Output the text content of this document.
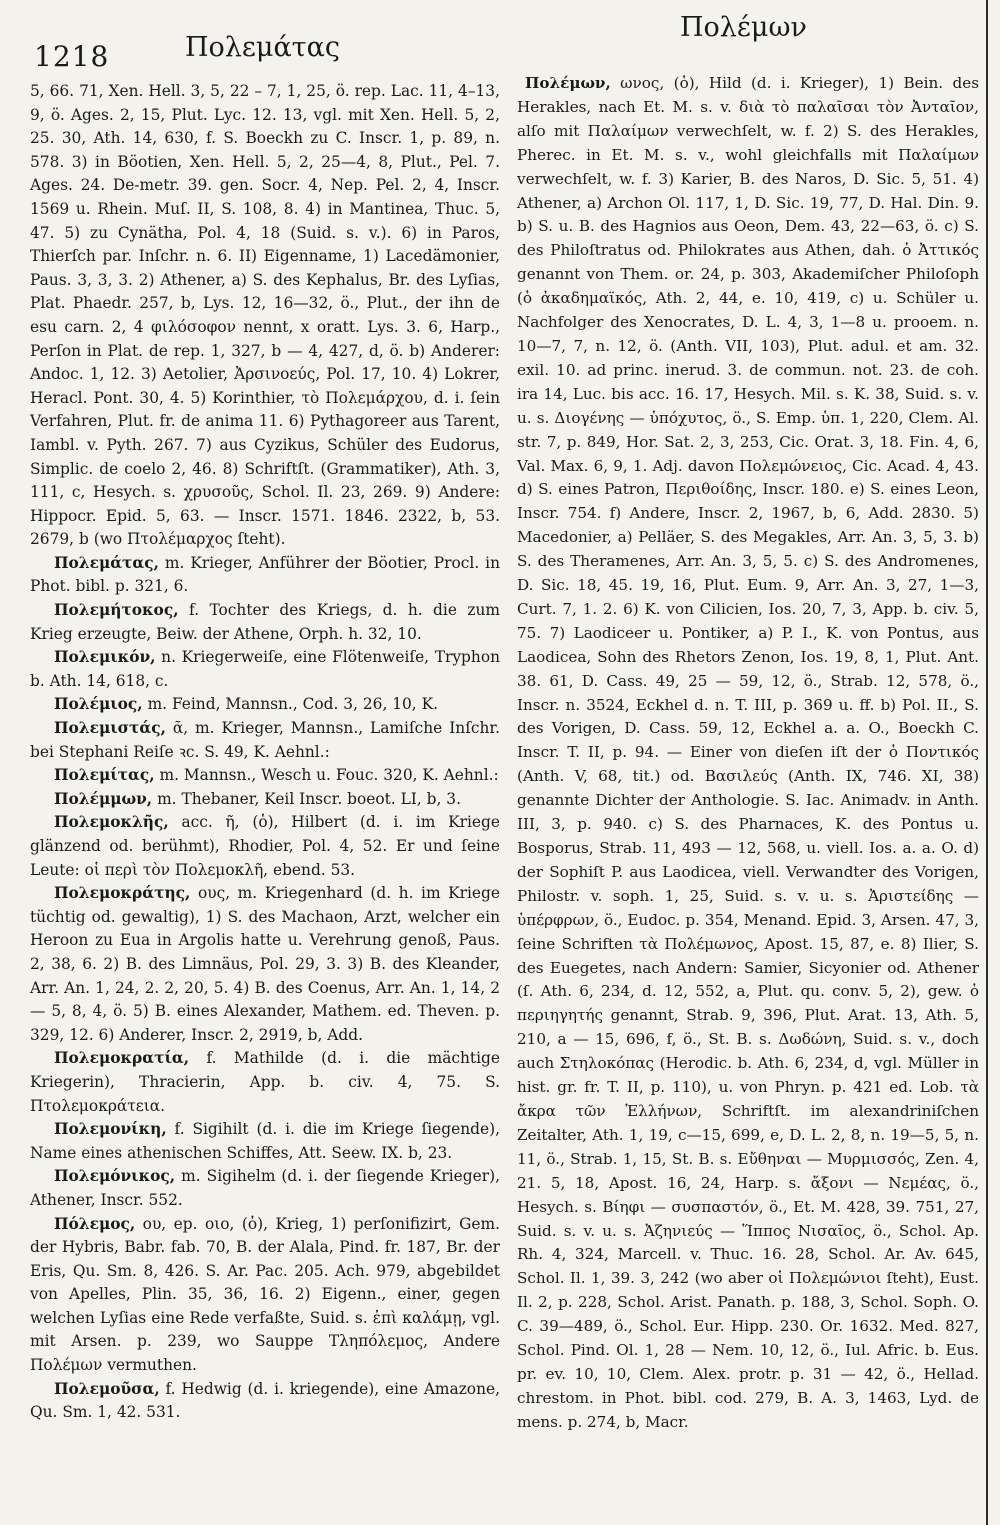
1218	Πολεμάτας
Πολέμων

5, 66. 71, Xen. Hell. 3, 5, 22 – 7, 1, 25, ö. rep. Lac. 11, 4–13, 9, ö. Ages. 2, 15, Plut. Lyc. 12. 13, vgl. mit Xen. Hell. 5, 2, 25. 30, Ath. 14, 630, f. S. Boeckh zu C. Inscr. 1, p. 89, n. 578. 3) in Böotien, Xen. Hell. 5, 2, 25—4, 8, Plut., Pel. 7. Ages. 24. De-metr. 39. gen. Socr. 4, Nep. Pel. 2, 4, Inscr. 1569 u. Rhein. Muſ. II, S. 108, 8. 4) in Mantinea, Thuc. 5, 47. 5) zu Cynätha, Pol. 4, 18 (Suid. s. v.). 6) in Paros, Thierſch par. Inſchr. n. 6. II) Eigenname, 1) Lacedämonier, Paus. 3, 3, 3. 2) Athener, a) S. des Kephalus, Br. des Lyſias, Plat. Phaedr. 257, b, Lys. 12, 16—32, ö., Plut., der ihn de esu carn. 2, 4 φιλόσοφον nennt, x oratt. Lys. 3. 6, Harp., Perſon in Plat. de rep. 1, 327, b — 4, 427, d, ö. b) Anderer: Andoc. 1, 12. 3) Aetolier, Ἀρσινοεύς, Pol. 17, 10. 4) Lokrer, Heracl. Pont. 30, 4. 5) Korinthier, τὸ Πολεμάρχου, d. i. ſein Verfahren, Plut. fr. de anima 11. 6) Pythagoreer aus Tarent, Iambl. v. Pyth. 267. 7) aus Cyzikus, Schüler des Eudorus, Simplic. de coelo 2, 46. 8) Schriftſt. (Grammatiker), Ath. 3, 111, c, Hesych. s. χρυσοῦς, Schol. Il. 23, 269. 9) Andere: Hippocr. Epid. 5, 63. — Inscr. 1571. 1846. 2322, b, 53. 2679, b (wo Πτολέμαρχος ſteht).

Πολεμάτας, m. Krieger, Anführer der Böotier, Procl. in Phot. bibl. p. 321, 6.

Πολεμήτοκος, f. Tochter des Kriegs, d. h. die zum Krieg erzeugte, Beiw. der Athene, Orph. h. 32, 10.

Πολεμικόν, n. Kriegerweiſe, eine Flötenweiſe, Tryphon b. Ath. 14, 618, c.

Πολέμιος, m. Feind, Mannsn., Cod. 3, 26, 10, K.

Πολεμιστάς, ᾶ, m. Krieger, Mannsn., Lamiſche Inſchr. bei Stephani Reiſe ꝛc. S. 49, K. Aehnl.:

Πολεμίτας, m. Mannsn., Wesch u. Fouc. 320, K. Aehnl.:

Πολέμμων, m. Thebaner, Keil Inscr. boeot. LI, b, 3.

Πολεμοκλῆς, acc. ῆ, (ὁ), Hilbert (d. i. im Kriege glänzend od. berühmt), Rhodier, Pol. 4, 52. Er und ſeine Leute: οἱ περὶ τὸν Πολεμοκλῆ, ebend. 53.

Πολεμοκράτης, ους, m. Kriegenhard (d. h. im Kriege tüchtig od. gewaltig), 1) S. des Machaon, Arzt, welcher ein Heroon zu Eua in Argolis hatte u. Verehrung genoß, Paus. 2, 38, 6. 2) B. des Limnäus, Pol. 29, 3. 3) B. des Kleander, Arr. An. 1, 24, 2. 2, 20, 5. 4) B. des Coenus, Arr. An. 1, 14, 2 — 5, 8, 4, ö. 5) B. eines Alexander, Mathem. ed. Theven. p. 329, 12. 6) Anderer, Inscr. 2, 2919, b, Add.

Πολεμοκρατία, f. Mathilde (d. i. die mächtige Kriegerin), Thracierin, App. b. civ. 4, 75. S. Πτολεμοκράτεια.

Πολεμονίκη, f. Sigihilt (d. i. die im Kriege ſiegende), Name eines athenischen Schiffes, Att. Seew. IX. b, 23.

Πολεμόνικος, m. Sigihelm (d. i. der ſiegende Krieger), Athener, Inscr. 552.

Πόλεμος, ου, ep. οιο, (ὁ), Krieg, 1) perſonifizirt, Gem. der Hybris, Babr. fab. 70, B. der Alala, Pind. fr. 187, Br. der Eris, Qu. Sm. 8, 426. S. Ar. Pac. 205. Ach. 979, abgebildet von Apelles, Plin. 35, 36, 16. 2) Eigenn., einer, gegen welchen Lyſias eine Rede verfaßte, Suid. s. ἐπὶ καλάμῃ, vgl. mit Arsen. p. 239, wo Sauppe Τληπόλεμος, Andere Πολέμων vermuthen.

Πολεμοῦσα, f. Hedwig (d. i. kriegende), eine Amazone, Qu. Sm. 1, 42. 531.

Πολέμων, ωνος, (ὁ), Hild (d. i. Krieger), 1) Bein. des Herakles, nach Et. M. s. v. διὰ τὸ παλαῖσαι τὸν Ἀνταῖον, alſo mit Παλαίμων verwechſelt, w. f. 2) S. des Herakles, Pherec. in Et. M. s. v., wohl gleichfalls mit Παλαίμων verwechſelt, w. f. 3) Karier, B. des Naros, D. Sic. 5, 51. 4) Athener, a) Archon Ol. 117, 1, D. Sic. 19, 77, D. Hal. Din. 9. b) S. u. B. des Hagnios aus Oeon, Dem. 43, 22—63, ö. c) S. des Philoſtratus od. Philokrates aus Athen, dah. ὁ Ἀττικός genannt von Them. or. 24, p. 303, Akademiſcher Philoſoph (ὁ ἀκαδημαϊκός, Ath. 2, 44, e. 10, 419, c) u. Schüler u. Nachfolger des Xenocrates, D. L. 4, 3, 1—8 u. prooem. n. 10—7, 7, n. 12, ö. (Anth. VII, 103), Plut. adul. et am. 32. exil. 10. ad princ. inerud. 3. de commun. not. 23. de coh. ira 14, Luc. bis acc. 16. 17, Hesych. Mil. s. K. 38, Suid. s. v. u. s. Διογένης — ὑπόχυτος, ö., S. Emp. ὑπ. 1, 220, Clem. Al. str. 7, p. 849, Hor. Sat. 2, 3, 253, Cic. Orat. 3, 18. Fin. 4, 6, Val. Max. 6, 9, 1. Adj. davon Πολεμώνειος, Cic. Acad. 4, 43. d) S. eines Patron, Περιθοίδης, Inscr. 180. e) S. eines Leon, Inscr. 754. f) Andere, Inscr. 2, 1967, b, 6, Add. 2830. 5) Macedonier, a) Pelläer, S. des Megakles, Arr. An. 3, 5, 3. b) S. des Theramenes, Arr. An. 3, 5, 5. c) S. des Andromenes, D. Sic. 18, 45. 19, 16, Plut. Eum. 9, Arr. An. 3, 27, 1—3, Curt. 7, 1. 2. 6) K. von Cilicien, Ios. 20, 7, 3, App. b. civ. 5, 75. 7) Laodiceer u. Pontiker, a) P. I., K. von Pontus, aus Laodicea, Sohn des Rhetors Zenon, Ios. 19, 8, 1, Plut. Ant. 38. 61, D. Cass. 49, 25 — 59, 12, ö., Strab. 12, 578, ö., Inscr. n. 3524, Eckhel d. n. T. III, p. 369 u. ff. b) Pol. II., S. des Vorigen, D. Cass. 59, 12, Eckhel a. a. O., Boeckh C. Inscr. T. II, p. 94. — Einer von dieſen iſt der ὁ Ποντικός (Anth. V, 68, tit.) od. Βασιλεύς (Anth. IX, 746. XI, 38) genannte Dichter der Anthologie. S. Iac. Animadv. in Anth. III, 3, p. 940. c) S. des Pharnaces, K. des Pontus u. Bosporus, Strab. 11, 493 — 12, 568, u. viell. Ios. a. a. O. d) der Sophiſt P. aus Laodicea, viell. Verwandter des Vorigen, Philostr. v. soph. 1, 25, Suid. s. v. u. s. Ἀριστείδης — ὑπέρφρων, ö., Eudoc. p. 354, Menand. Epid. 3, Arsen. 47, 3, ſeine Schriften τὰ Πολέμωνος, Apost. 15, 87, e. 8) Ilier, S. des Euegetes, nach Andern: Samier, Sicyonier od. Athener (ſ. Ath. 6, 234, d. 12, 552, a, Plut. qu. conv. 5, 2), gew. ὁ περιηγητής genannt, Strab. 9, 396, Plut. Arat. 13, Ath. 5, 210, a — 15, 696, f, ö., St. B. s. Δωδώνη, Suid. s. v., doch auch Στηλοκόπας (Herodic. b. Ath. 6, 234, d, vgl. Müller in hist. gr. fr. T. II, p. 110), u. von Phryn. p. 421 ed. Lob. τὰ ἄκρα τῶν Ἑλλήνων, Schriftſt. im alexandriniſchen Zeitalter, Ath. 1, 19, c—15, 699, e, D. L. 2, 8, n. 19—5, 5, n. 11, ö., Strab. 1, 15, St. B. s. Εὔθηναι — Μυρμισσός, Zen. 4, 21. 5, 18, Apost. 16, 24, Harp. s. ἄξονι — Νεμέας, ö., Hesych. s. Βίηφι — συσπαστόν, ö., Et. M. 428, 39. 751, 27, Suid. s. v. u. s. Ἀζηνιεύς — Ἵππος Νισαῖος, ö., Schol. Ap. Rh. 4, 324, Marcell. v. Thuc. 16. 28, Schol. Ar. Av. 645, Schol. Il. 1, 39. 3, 242 (wo aber οἱ Πολεμώνιοι ſteht), Eust. Il. 2, p. 228, Schol. Arist. Panath. p. 188, 3, Schol. Soph. O. C. 39—489, ö., Schol. Eur. Hipp. 230. Or. 1632. Med. 827, Schol. Pind. Ol. 1, 28 — Nem. 10, 12, ö., Iul. Afric. b. Eus. pr. ev. 10, 10, Clem. Alex. protr. p. 31 — 42, ö., Hellad. chrestom. in Phot. bibl. cod. 279, B. A. 3, 1463, Lyd. de mens. p. 274, b, Macr.
